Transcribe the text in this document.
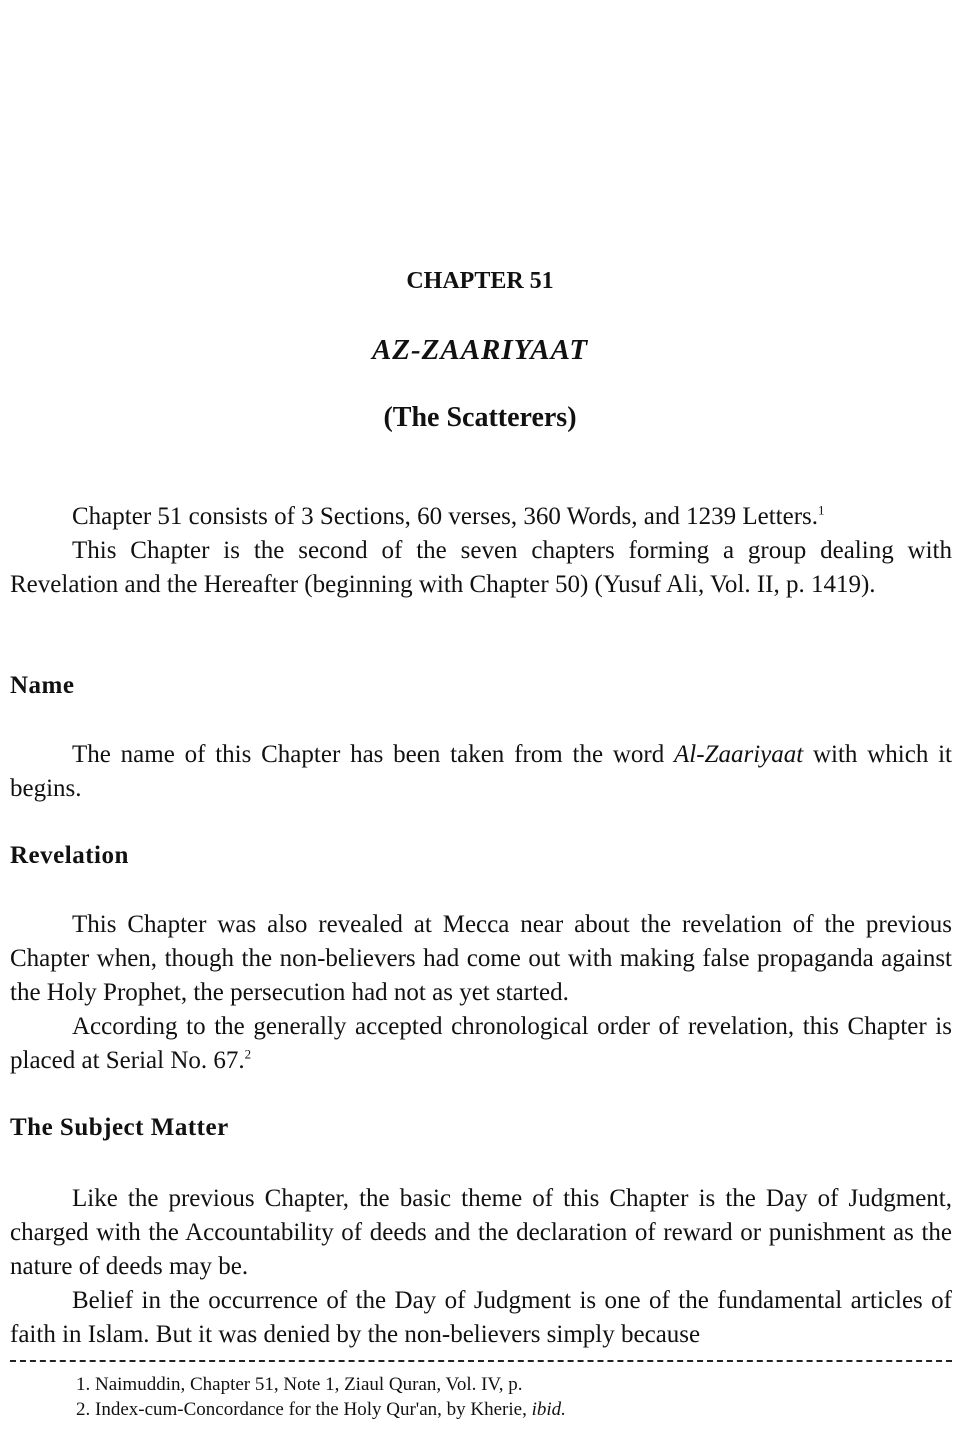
CHAPTER 51
AZ-ZAARIYAAT
(The Scatterers)

Chapter 51 consists of 3 Sections, 60 verses, 360 Words, and 1239 Letters.$^1$

This Chapter is the second of the seven chapters forming a group dealing with Revelation and the Hereafter (beginning with Chapter 50) (Yusuf Ali, Vol. II, p. 1419).

Name

The name of this Chapter has been taken from the word Al-Zaariyaat with which it begins.

Revelation

This Chapter was also revealed at Mecca near about the revelation of the previous Chapter when, though the non-believers had come out with making false propaganda against the Holy Prophet, the persecution had not as yet started.

According to the generally accepted chronological order of revelation, this Chapter is placed at Serial No. 67.$^2$

The Subject Matter

Like the previous Chapter, the basic theme of this Chapter is the Day of Judgment, charged with the Accountability of deeds and the declaration of reward or punishment as the nature of deeds may be.

Belief in the occurrence of the Day of Judgment is one of the fundamental articles of faith in Islam. But it was denied by the non-believers simply because

1. Naimuddin, Chapter 51, Note 1, Ziaul Quran, Vol. IV, p.
2. Index-cum-Concordance for the Holy Qur'an, by Kherie, ibid.
